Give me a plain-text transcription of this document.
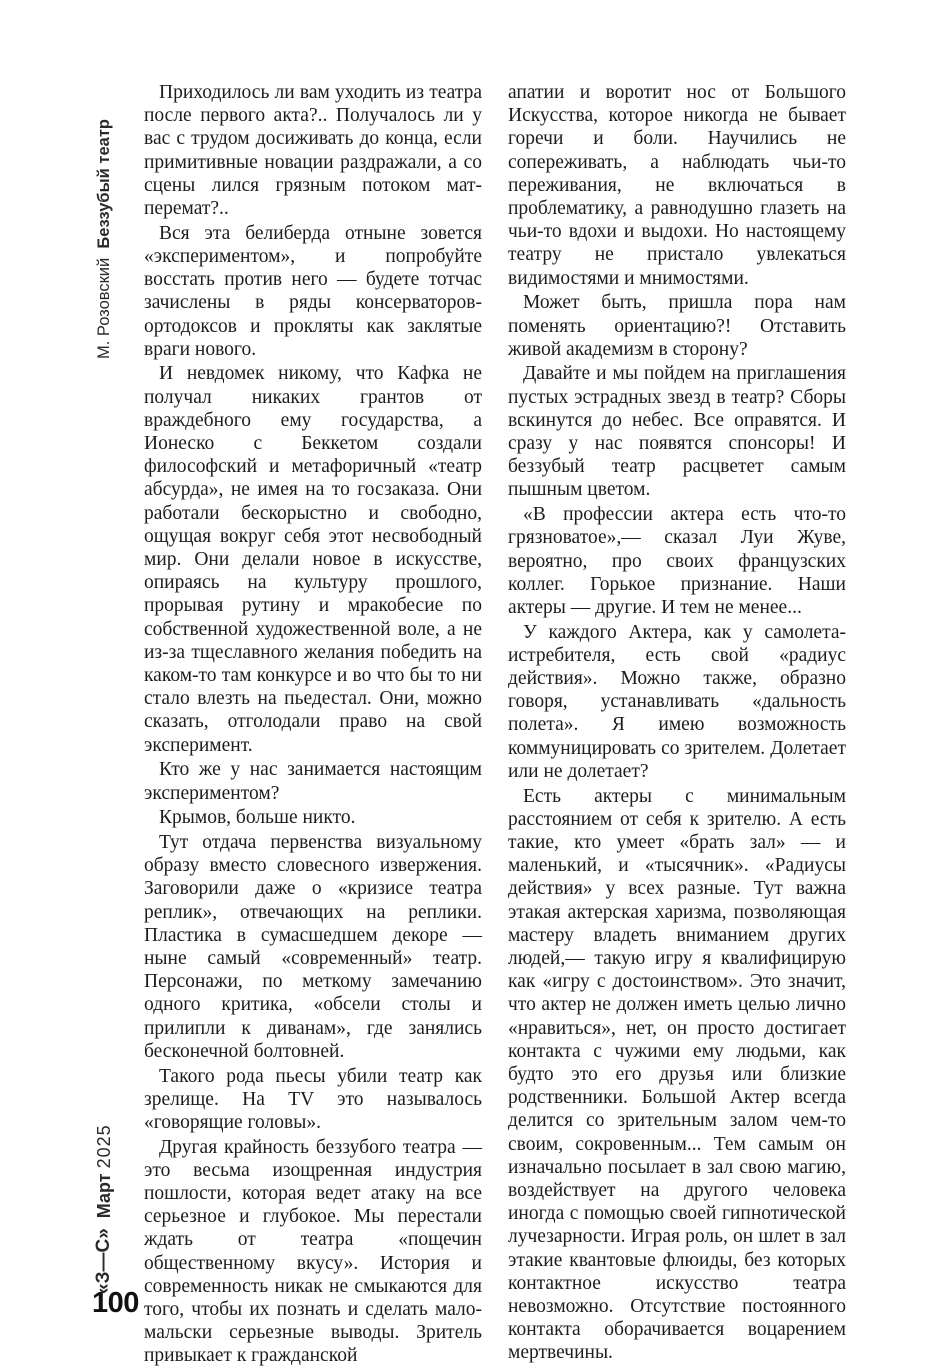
М. Розовский  Беззубый театр

«З—С»  Март 2025

100

Приходилось ли вам уходить из театра после первого акта?.. Получалось ли у вас с трудом досиживать до конца, если примитивные новации раздражали, а со сцены лился грязным потоком мат-перемат?..

Вся эта белиберда отныне зовется «экспериментом», и попробуйте восстать против него — будете тотчас зачислены в ряды консерваторов-ортодоксов и прокляты как заклятые враги нового.

И невдомек никому, что Кафка не получал никаких грантов от враждебного ему государства, а Ионеско с Беккетом создали философский и метафоричный «театр абсурда», не имея на то госзаказа. Они работали бескорыстно и свободно, ощущая вокруг себя этот несвободный мир. Они делали новое в искусстве, опираясь на культуру прошлого, прорывая рутину и мракобесие по собственной художественной воле, а не из-за тщеславного желания победить на каком-то там конкурсе и во что бы то ни стало влезть на пьедестал. Они, можно сказать, отголодали право на свой эксперимент.

Кто же у нас занимается настоящим экспериментом?

Крымов, больше никто.

Тут отдача первенства визуальному образу вместо словесного извержения. Заговорили даже о «кризисе театра реплик», отвечающих на реплики. Пластика в сумасшедшем декоре — ныне самый «современный» театр. Персонажи, по меткому замечанию одного критика, «обсели столы и прилипли к диванам», где занялись бесконечной болтовней.

Такого рода пьесы убили театр как зрелище. На TV это называлось «говорящие головы».

Другая крайность беззубого театра — это весьма изощренная индустрия пошлости, которая ведет атаку на все серьезное и глубокое. Мы перестали ждать от театра «пощечин общественному вкусу». История и современность никак не смыкаются для того, чтобы их познать и сделать мало-мальски серьезные выводы. Зритель привыкает к гражданской

апатии и воротит нос от Большого Искусства, которое никогда не бывает горечи и боли. Научились не сопереживать, а наблюдать чьи-то переживания, не включаться в проблематику, а равнодушно глазеть на чьи-то вдохи и выдохи. Но настоящему театру не пристало увлекаться видимостями и мнимостями.

Может быть, пришла пора нам поменять ориентацию?! Отставить живой академизм в сторону?

Давайте и мы пойдем на приглашения пустых эстрадных звезд в театр? Сборы вскинутся до небес. Все оправятся. И сразу у нас появятся спонсоры! И беззубый театр расцветет самым пышным цветом.

«В профессии актера есть что-то грязноватое»,— сказал Луи Жуве, вероятно, про своих французских коллег. Горькое признание. Наши актеры — другие. И тем не менее...

У каждого Актера, как у самолета-истребителя, есть свой «радиус действия». Можно также, образно говоря, устанавливать «дальность полета». Я имею возможность коммуницировать со зрителем. Долетает или не долетает?

Есть актеры с минимальным расстоянием от себя к зрителю. А есть такие, кто умеет «брать зал» — и маленький, и «тысячник». «Радиусы действия» у всех разные. Тут важна этакая актерская харизма, позволяющая мастеру владеть вниманием других людей,— такую игру я квалифицирую как «игру с достоинством». Это значит, что актер не должен иметь целью лично «нравиться», нет, он просто достигает контакта с чужими ему людьми, как будто это его друзья или близкие родственники. Большой Актер всегда делится со зрительным залом чем-то своим, сокровенным... Тем самым он изначально посылает в зал свою магию, воздействует на другого человека иногда с помощью своей гипнотической лучезарности. Играя роль, он шлет в зал этакие квантовые флюиды, без которых контактное искусство театра невозможно. Отсутствие постоянного контакта оборачивается воцарением мертвечины.
